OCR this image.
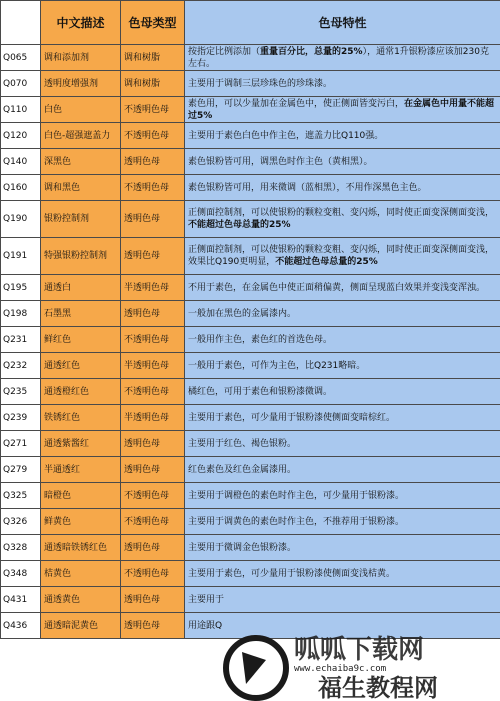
	中文描述	色母类型	色母特性
Q065	调和添加剂	调和树脂	按指定比例添加（重量百分比，总量的25%），通常1升银粉漆应该加230克左右。
Q070	透明度增强剂	调和树脂	主要用于调制三层珍珠色的珍珠漆。
Q110	白色	不透明色母	素色用，可以少量加在金属色中，使正侧面皆变污白，在金属色中用量不能超过5%
Q120	白色-超强遮盖力	不透明色母	主要用于素色白色中作主色，遮盖力比Q110强。
Q140	深黑色	透明色母	素色银粉皆可用，调黑色时作主色（黄相黑）。
Q160	调和黑色	不透明色母	素色银粉皆可用，用来微调（蓝相黑），不用作深黑色主色。
Q190	银粉控制剂	透明色母	正侧面控制剂，可以使银粉的颗粒变粗、变闪烁，同时使正面变深侧面变浅，不能超过色母总量的25%
Q191	特强银粉控制剂	透明色母	正侧面控制剂，可以使银粉的颗粒变粗、变闪烁，同时使正面变深侧面变浅，效果比Q190更明显，不能超过色母总量的25%
Q195	通透白	半透明色母	不用于素色，在金属色中使正面稍偏黄，侧面呈现蓝白效果并变浅变浑浊。
Q198	石墨黑	透明色母	一般加在黑色的金属漆内。
Q231	鲜红色	不透明色母	一般用作主色，素色红的首选色母。
Q232	通透红色	半透明色母	一般用于素色，可作为主色，比Q231略暗。
Q235	通透橙红色	不透明色母	橘红色，可用于素色和银粉漆微调。
Q239	铁锈红色	半透明色母	主要用于素色，可少量用于银粉漆使侧面变暗棕红。
Q271	通透紫酱红	透明色母	主要用于红色、褐色银粉。
Q279	半通透红	透明色母	红色素色及红色金属漆用。
Q325	暗橙色	不透明色母	主要用于调橙色的素色时作主色，可少量用于银粉漆。
Q326	鲜黄色	不透明色母	主要用于调黄色的素色时作主色，不推荐用于银粉漆。
Q328	通透暗铁锈红色	透明色母	主要用于微调金色银粉漆。
Q348	桔黄色	不透明色母	主要用于素色，可少量用于银粉漆使侧面变浅桔黄。
Q431	通透黄色	透明色母	主要用于
Q436	通透暗泥黄色	透明色母	用途跟Q
呱呱下载网
www.echaiba9c.com
福生教程网
